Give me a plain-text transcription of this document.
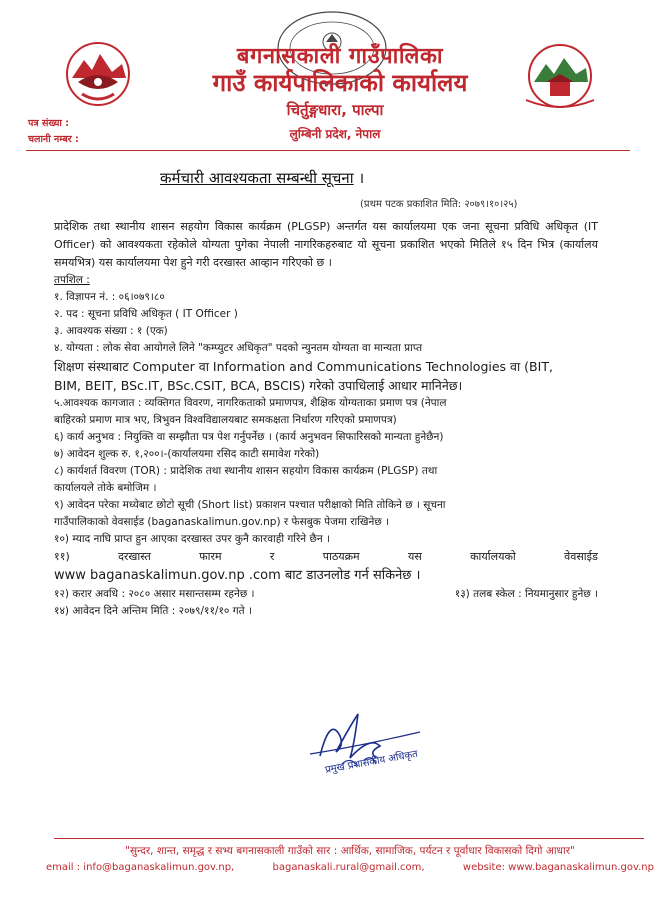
बगनासकाली गाउँपालिका
गाउँ कार्यपालिकाको कार्यालय
चिर्तुङ्गधारा, पाल्पा
लुम्बिनी प्रदेश, नेपाल
पत्र संख्या :
चलानी नम्बर :
कर्मचारी आवश्यकता सम्बन्धी सूचना ।
(प्रथम पटक प्रकाशित मिति: २०७९।१०।२५)

प्रादेशिक तथा स्थानीय शासन सहयोग विकास कार्यक्रम (PLGSP) अन्तर्गत यस कार्यालयमा एक जना सूचना प्रविधि अधिकृत (IT Officer) को आवश्यकता रहेकोले योग्यता पुगेका नेपाली नागरिकहरुबाट यो सूचना प्रकाशित भएको मितिले १५ दिन भित्र (कार्यालय समयभित्र) यस कार्यालयमा पेश हुने गरी दरखास्त आव्हान गरिएको छ ।

तपशिल :

१. विज्ञापन नं. : ०६।०७९।८०

२. पद : सूचना प्रविधि अधिकृत ( IT Officer )

३. आवश्यक संख्या : १ (एक)

४. योग्यता : लोक सेवा आयोगले लिने "कम्प्युटर अधिकृत" पदको न्युनतम योग्यता वा मान्यता प्राप्त

शिक्षण संस्थाबाट Computer वा Information and Communications Technologies वा (BIT,

BIM, BEIT, BSc.IT, BSc.CSIT, BCA, BSCIS) गरेको उपाधिलाई आधार मानिनेछ।

५.आवश्यक कागजात : व्यक्तिगत विवरण, नागरिकताको प्रमाणपत्र, शैक्षिक योग्यताका प्रमाण पत्र (नेपाल

बाहिरको प्रमाण मात्र भए, त्रिभुवन विश्वविद्यालयबाट समकक्षता निर्धारण गरिएको प्रमाणपत्र)

६) कार्य अनुभव : नियुक्ति वा सम्झौता पत्र पेश गर्नुपर्नेछ । (कार्य अनुभवन सिफारिसको मान्यता हुनेछैन)

७) आवेदन शुल्क रु. १,२००।-(कार्यालयमा रसिद काटी समावेश गरेको)

८) कार्यशर्त विवरण (TOR) : प्रादेशिक तथा स्थानीय शासन सहयोग विकास कार्यक्रम (PLGSP) तथा

कार्यालयले तोके बमोजिम ।

९) आवेदन परेका मध्येबाट छोटो सूची (Short list) प्रकाशन पश्चात परीक्षाको मिति तोकिने छ । सूचना

गाउँपालिकाको वेवसाईड (baganaskalimun.gov.np) र फेसबुक पेजमा राखिनेछ ।

१०) म्याद नाघि प्राप्त हुन आएका दरखास्त उपर कुनै कारवाही गरिने छैन ।

११)	दरखास्त	फारम	र	पाठयक्रम	यस	कार्यालयको	वेवसाईड

www baganaskalimun.gov.np .com बाट डाउनलोड गर्न सकिनेछ ।

१२) करार अवधि : २०८० असार मसान्तसम्म रहनेछ ।	१३) तलब स्केल : नियमानुसार हुनेछ ।

१४) आवेदन दिने अन्तिम मिति : २०७९/११/१० गते ।

प्रमुख प्रशासकीय अधिकृत
"सुन्दर, शान्त, समृद्ध र सभ्य बगनासकाली गाउँको सार : आर्थिक, सामाजिक, पर्यटन र पूर्वाधार विकासको दिगो आधार"
email : info@baganaskalimun.gov.np,	baganaskali.rural@gmail.com,	website: www.baganaskalimun.gov.np
